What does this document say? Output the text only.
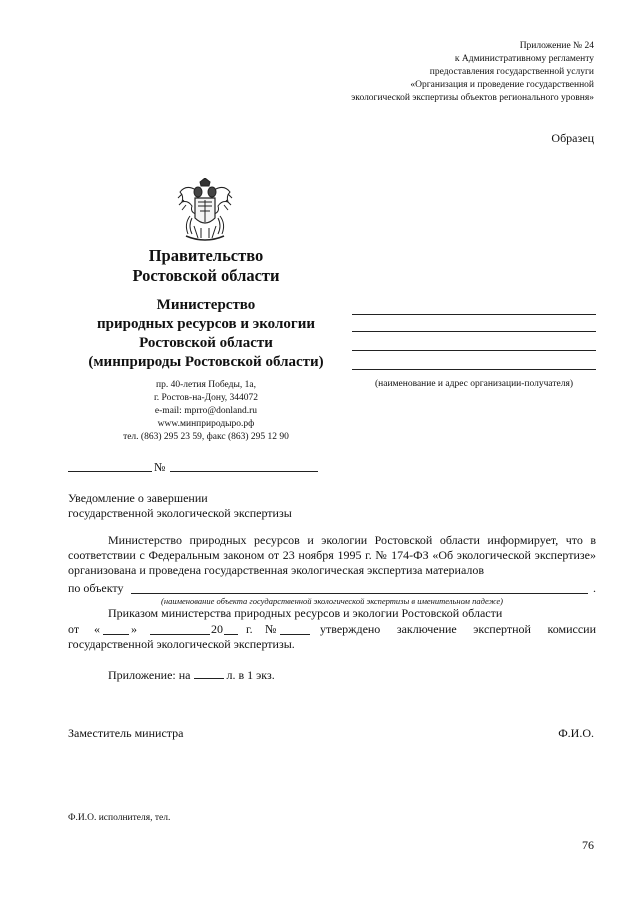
Приложение № 24
к Административному регламенту
предоставления государственной услуги
«Организация и проведение государственной
экологической экспертизы объектов регионального уровня»
Образец
Правительство
Ростовской области
Министерство
природных ресурсов и экологии
Ростовской области
(минприроды Ростовской области)
пр. 40-летия Победы, 1а,
г. Ростов-на-Дону, 344072
e-mail: mprro@donland.ru
www.минприродыро.рф
тел. (863) 295 23 59, факс (863) 295 12 90
(наименование и адрес организации-получателя)
№
Уведомление о завершении
государственной экологической экспертизы
Министерство природных ресурсов и экологии Ростовской области информирует, что в соответствии с Федеральным законом от 23 ноября 1995 г. № 174-ФЗ «Об экологической экспертизе» организована и проведена государственная экологическая экспертиза материалов
по объекту	.
(наименование объекта государственной экологической экспертизы в именительном падеже)
Приказом министерства природных ресурсов и экологии Ростовской области
от «	»	20 г. №	утверждено заключение экспертной комиссии
государственной экологической экспертизы.
Приложение: на	л. в 1 экз.
Заместитель министра	Ф.И.О.
Ф.И.О. исполнителя, тел.
76
